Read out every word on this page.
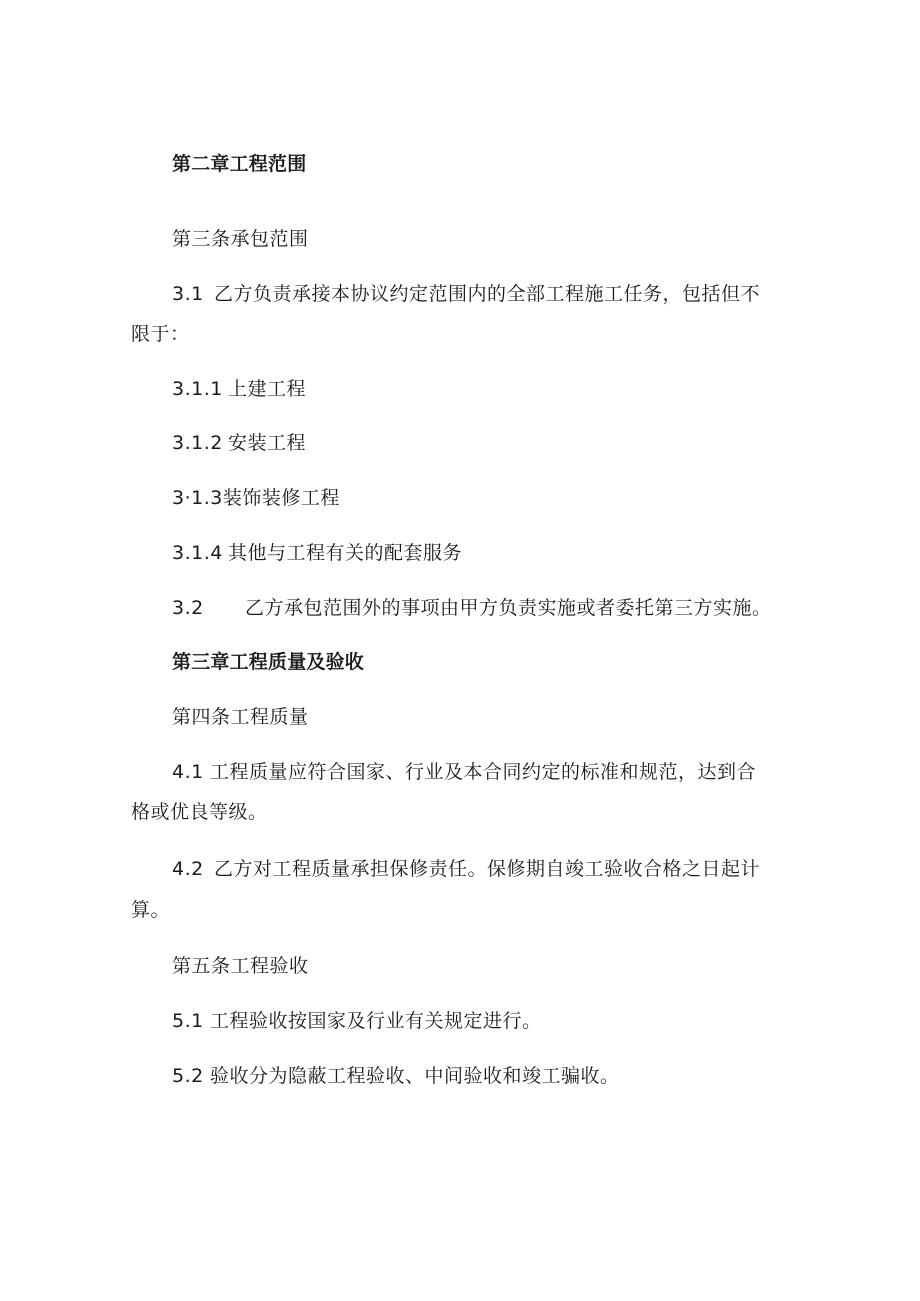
第二章工程范围
第三条承包范围
3.1 乙方负责承接本协议约定范围内的全部工程施工任务，包括但不
限于：
3.1.1 上建工程
3.1.2 安装工程
3·1.3装饰装修工程
3.1.4 其他与工程有关的配套服务
3.2 乙方承包范围外的事项由甲方负责实施或者委托第三方实施。
第三章工程质量及验收
第四条工程质量
4.1 工程质量应符合国家、行业及本合同约定的标准和规范，达到合
格或优良等级。
4.2 乙方对工程质量承担保修责任。保修期自竣工验收合格之日起计
算。
第五条工程验收
5.1 工程验收按国家及行业有关规定进行。
5.2 验收分为隐蔽工程验收、中间验收和竣工骗收。
